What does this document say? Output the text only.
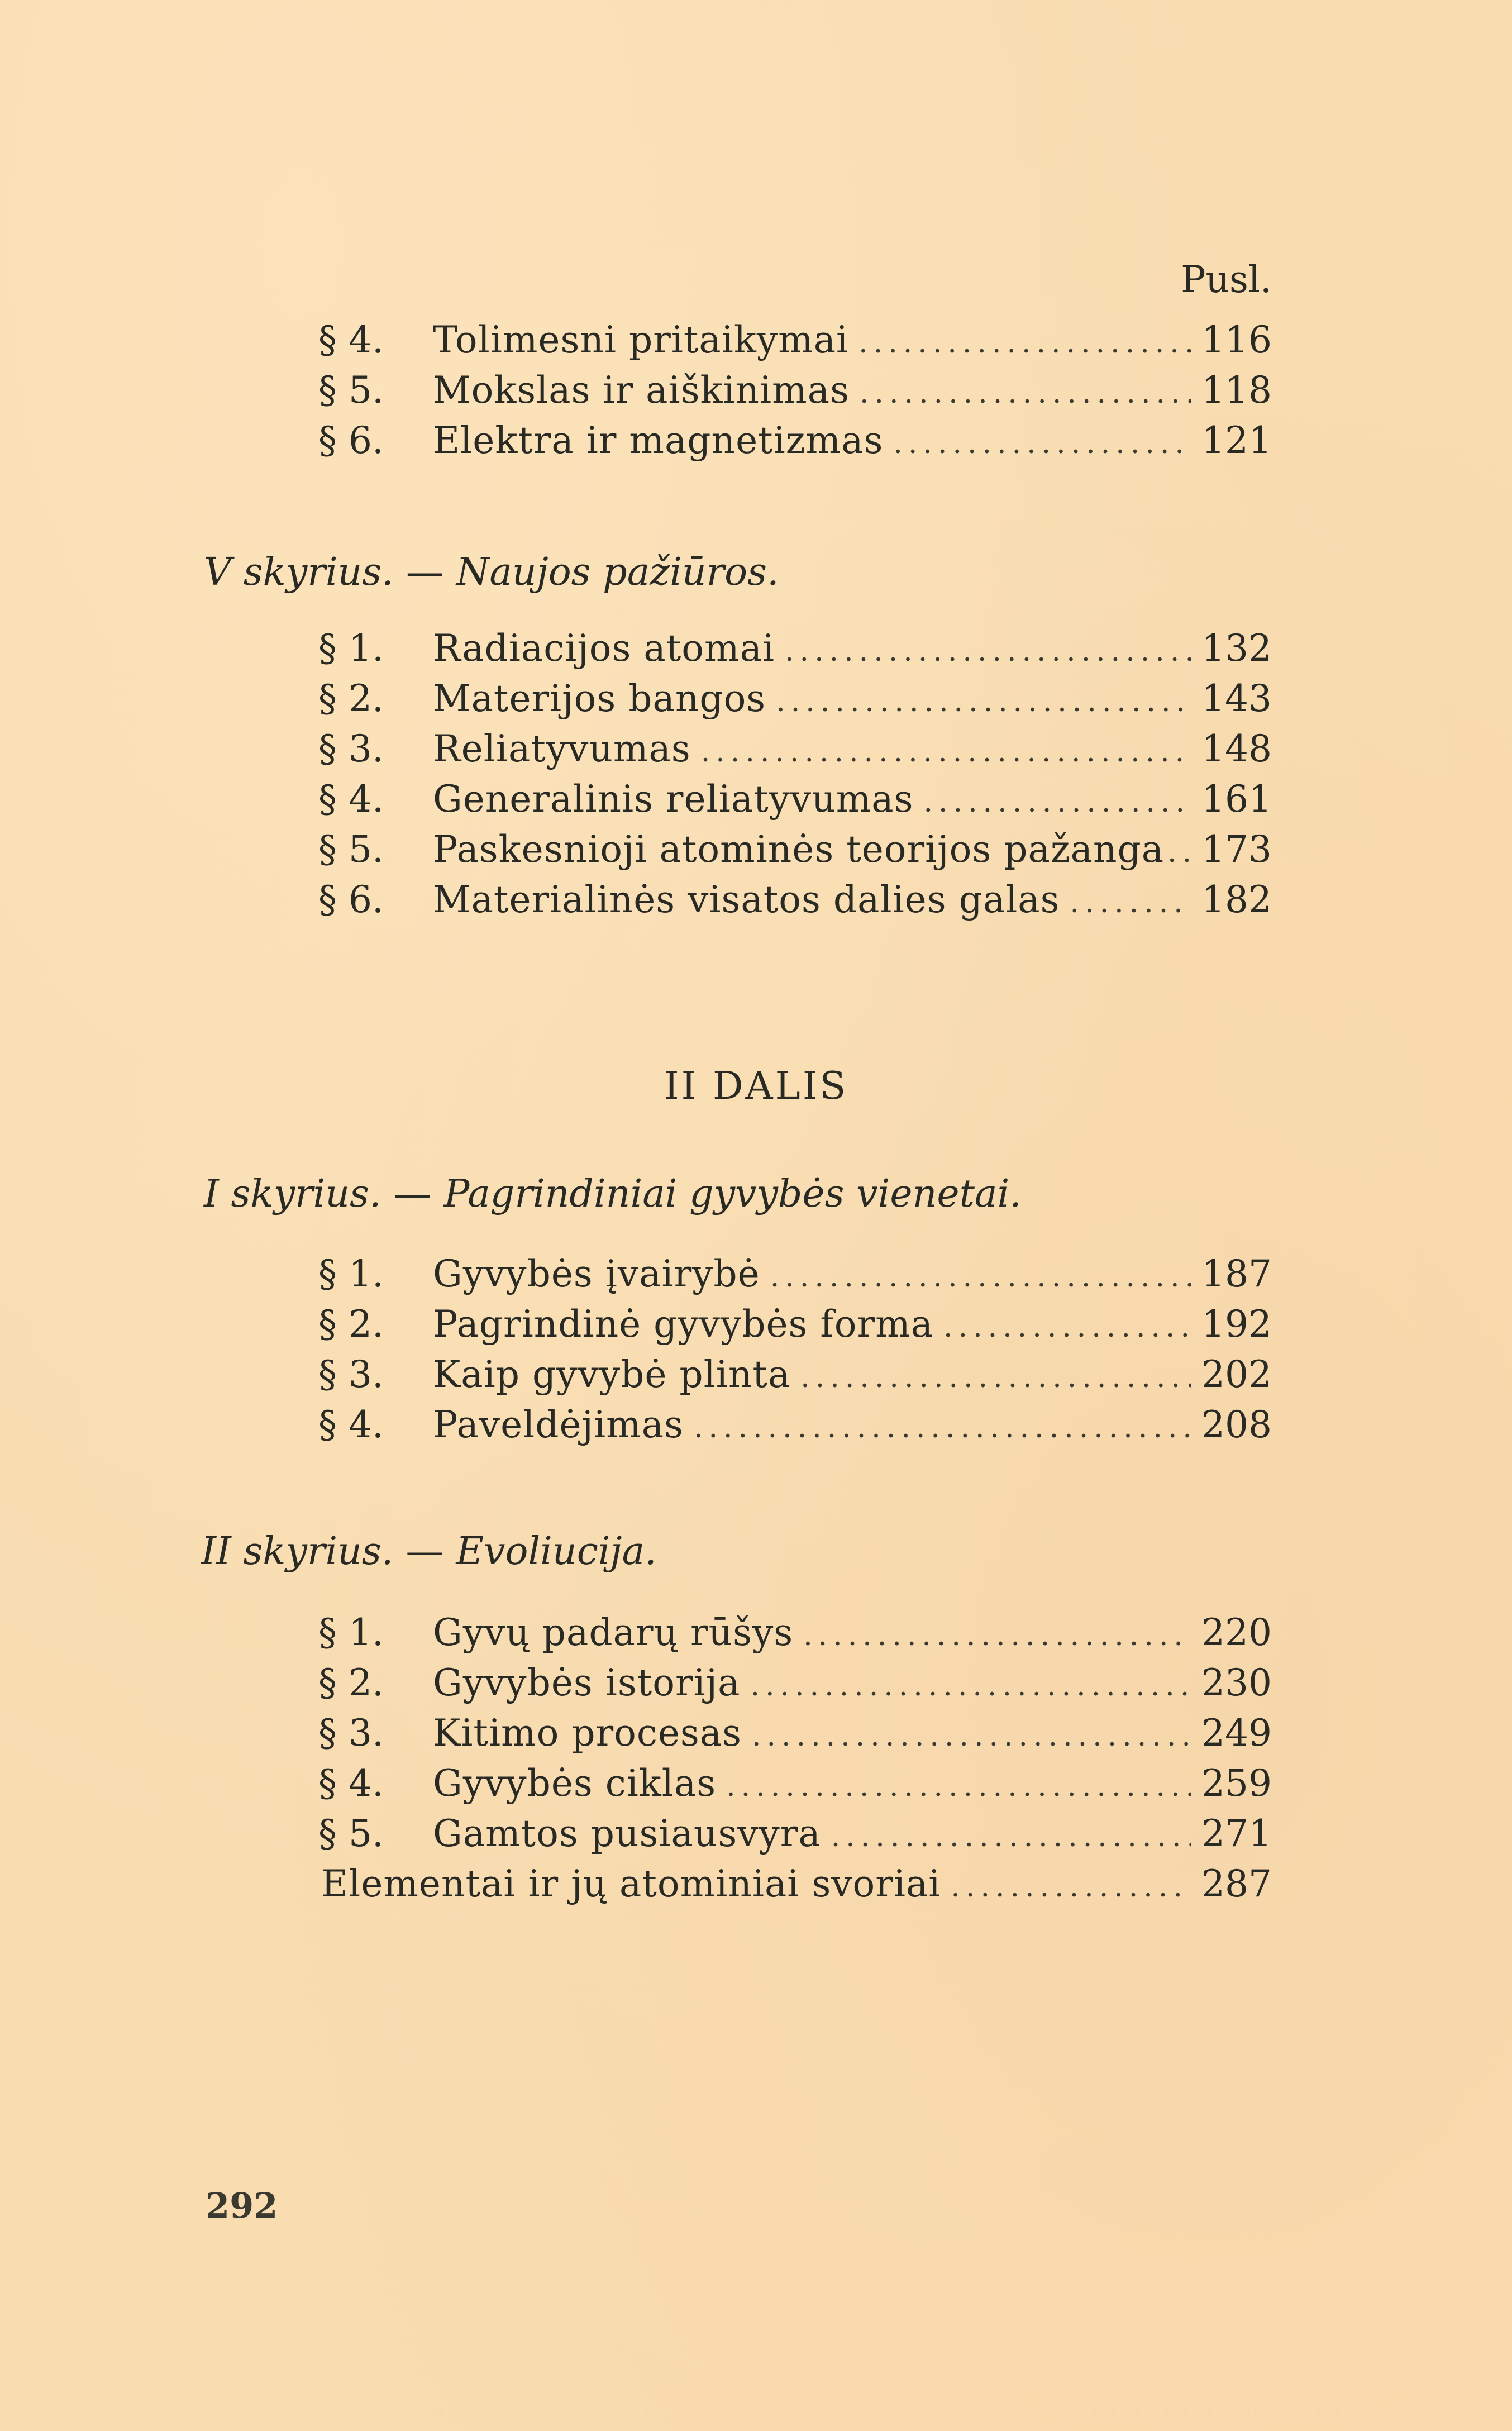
Pusl.
§ 4.	Tolimesni pritaikymai .....	116
§ 5.	Mokslas ir aiškinimas .....	118
§ 6.	Elektra ir magnetizmas .....	121
V skyrius. — Naujos pažiūros.
§ 1.	Radiacijos atomai .....	132
§ 2.	Materijos bangos .....	143
§ 3.	Reliatyvumas .....	148
§ 4.	Generalinis reliatyvumas .....	161
§ 5.	Paskesnioji atominės teorijos pažanga ..... 173
§ 6.	Materialinės visatos dalies galas .....	182
II DALIS
I skyrius. — Pagrindiniai gyvybės vienetai.
§ 1.	Gyvybės įvairybė .....	187
§ 2.	Pagrindinė gyvybės forma .....	192
§ 3.	Kaip gyvybė plinta .....	202
§ 4.	Paveldėjimas .....	208
II skyrius. — Evoliucija.
§ 1.	Gyvų padarų rūšys .....	220
§ 2.	Gyvybės istorija .....	230
§ 3.	Kitimo procesas .....	249
§ 4.	Gyvybės ciklas .....	259
§ 5.	Gamtos pusiausvyra .....	271
Elementai ir jų atominiai svoriai .....	287
292
